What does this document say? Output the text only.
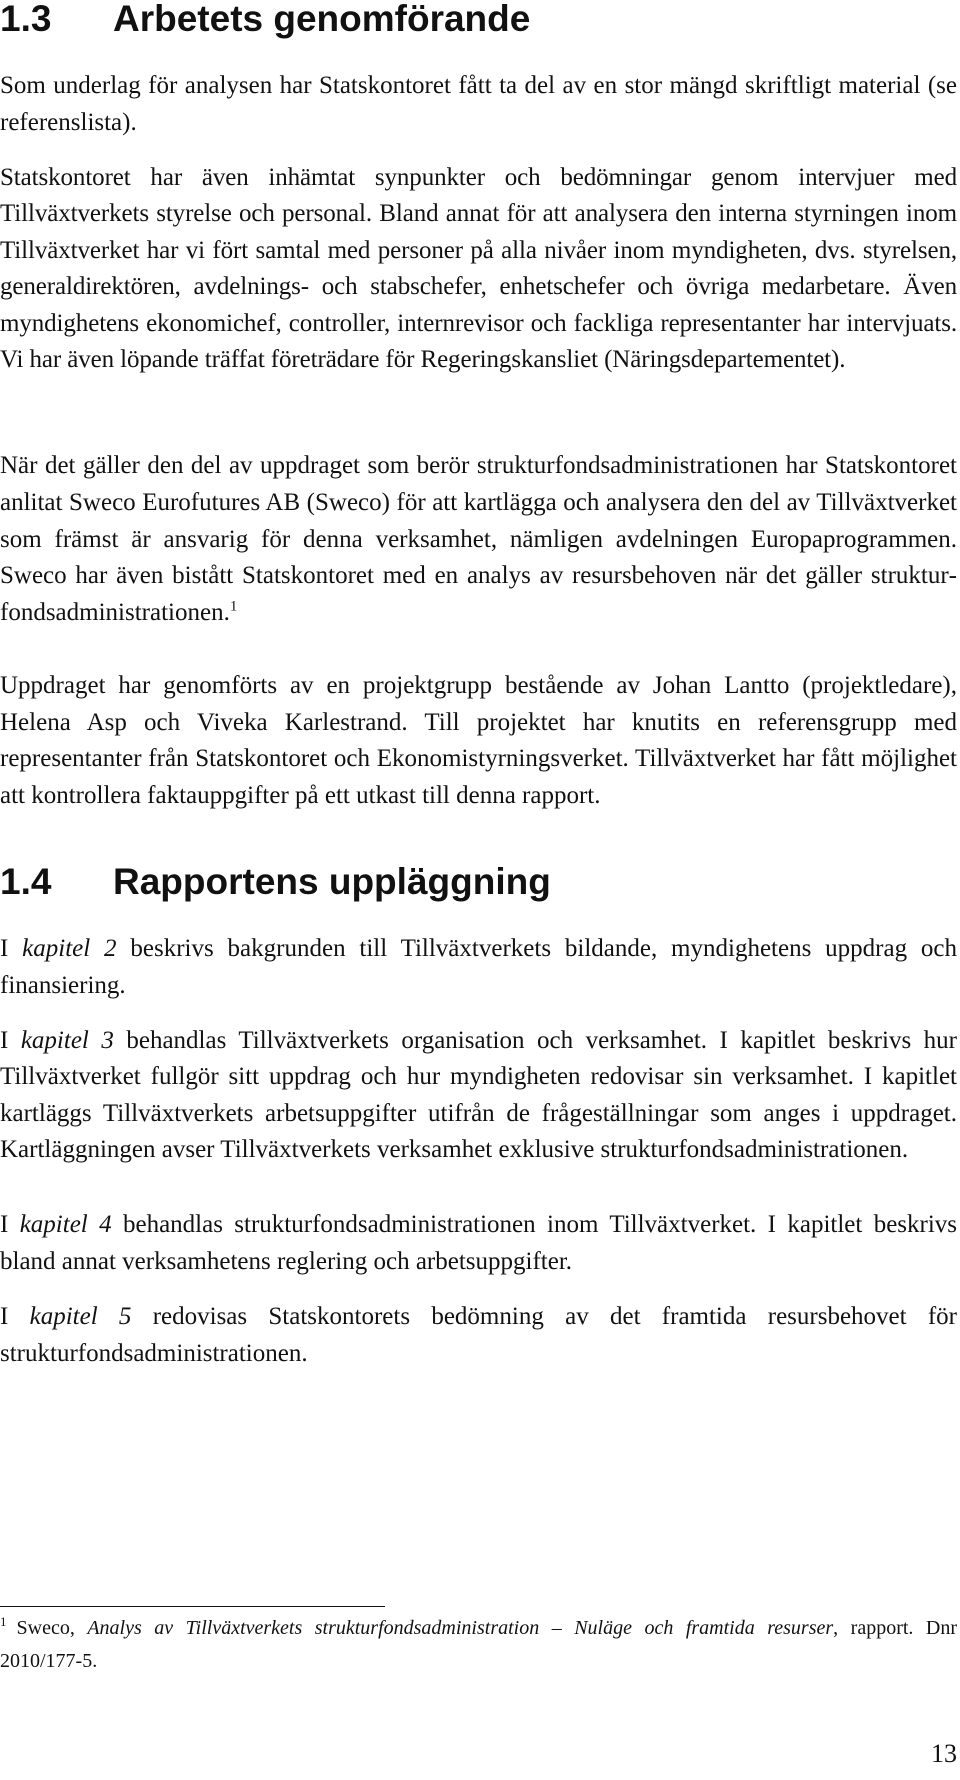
1.3 Arbetets genomförande

Som underlag för analysen har Statskontoret fått ta del av en stor mängd skriftligt material (se referenslista).

Statskontoret har även inhämtat synpunkter och bedömningar genom intervjuer med Tillväxtverkets styrelse och personal. Bland annat för att analysera den interna styrningen inom Tillväxtverket har vi fört samtal med personer på alla nivåer inom myndigheten, dvs. styrelsen, generaldirektören, avdelnings- och stabschefer, enhetschefer och övriga medarbetare. Även myndighetens ekonomichef, controller, internrevisor och fackliga representanter har intervjuats. Vi har även löpande träffat företrädare för Regeringskansliet (Näringsdepartementet).

När det gäller den del av uppdraget som berör strukturfondsadministrationen har Statskontoret anlitat Sweco Eurofutures AB (Sweco) för att kartlägga och analysera den del av Tillväxtverket som främst är ansvarig för denna verksamhet, nämligen avdelningen Europaprogrammen. Sweco har även bistått Statskontoret med en analys av resursbehoven när det gäller strukturfondsadministrationen.$^1$

Uppdraget har genomförts av en projektgrupp bestående av Johan Lantto (projektledare), Helena Asp och Viveka Karlestrand. Till projektet har knutits en referensgrupp med representanter från Statskontoret och Ekonomistyrningsverket. Tillväxtverket har fått möjlighet att kontrollera faktauppgifter på ett utkast till denna rapport.

1.4 Rapportens uppläggning

I kapitel 2 beskrivs bakgrunden till Tillväxtverkets bildande, myndighetens uppdrag och finansiering.

I kapitel 3 behandlas Tillväxtverkets organisation och verksamhet. I kapitlet beskrivs hur Tillväxtverket fullgör sitt uppdrag och hur myndigheten redovisar sin verksamhet. I kapitlet kartläggs Tillväxtverkets arbetsuppgifter utifrån de frågeställningar som anges i uppdraget. Kartläggningen avser Tillväxtverkets verksamhet exklusive strukturfondsadministrationen.

I kapitel 4 behandlas strukturfondsadministrationen inom Tillväxtverket. I kapitlet beskrivs bland annat verksamhetens reglering och arbetsuppgifter.

I kapitel 5 redovisas Statskontorets bedömning av det framtida resursbehovet för strukturfondsadministrationen.

$^1$ Sweco, Analys av Tillväxtverkets strukturfondsadministration – Nuläge och framtida resurser, rapport. Dnr 2010/177-5.
13
